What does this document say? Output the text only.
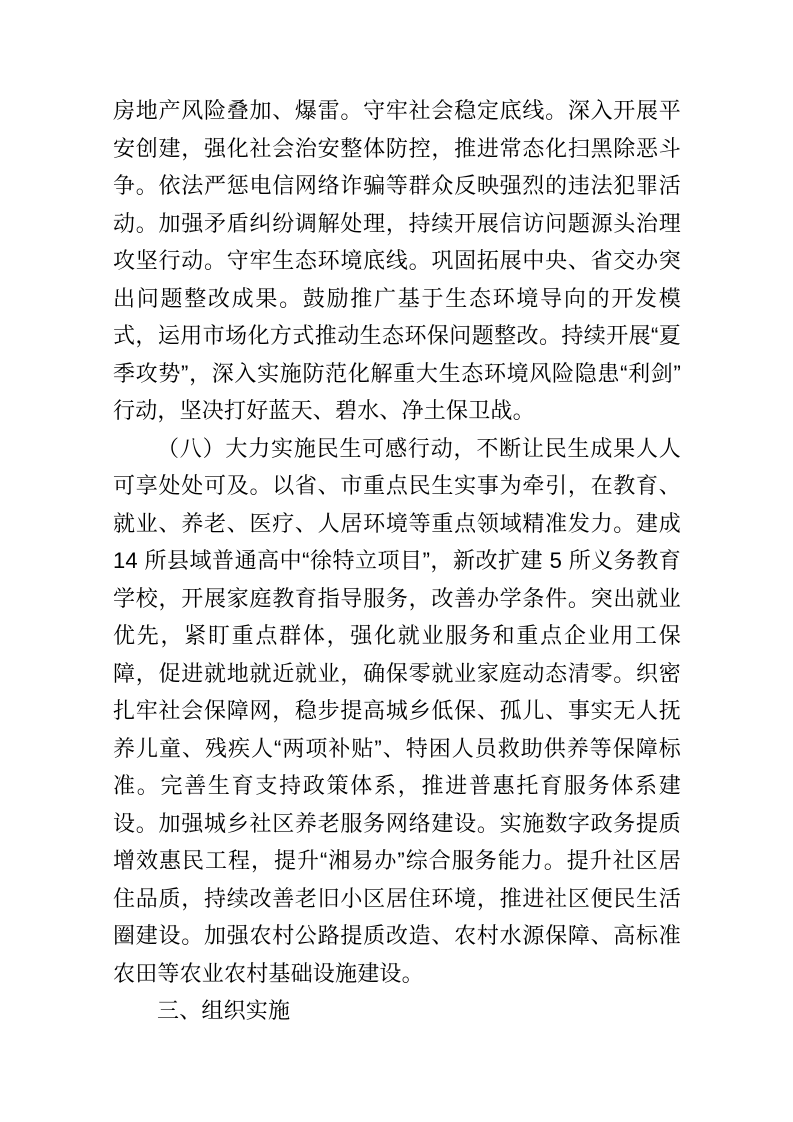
房地产风险叠加、爆雷。守牢社会稳定底线。深入开展平安创建，强化社会治安整体防控，推进常态化扫黑除恶斗争。依法严惩电信网络诈骗等群众反映强烈的违法犯罪活动。加强矛盾纠纷调解处理，持续开展信访问题源头治理攻坚行动。守牢生态环境底线。巩固拓展中央、省交办突出问题整改成果。鼓励推广基于生态环境导向的开发模式，运用市场化方式推动生态环保问题整改。持续开展“夏季攻势”，深入实施防范化解重大生态环境风险隐患“利剑”行动，坚决打好蓝天、碧水、净土保卫战。

（八）大力实施民生可感行动，不断让民生成果人人可享处处可及。以省、市重点民生实事为牵引，在教育、就业、养老、医疗、人居环境等重点领域精准发力。建成 14 所县域普通高中“徐特立项目”，新改扩建 5 所义务教育学校，开展家庭教育指导服务，改善办学条件。突出就业优先，紧盯重点群体，强化就业服务和重点企业用工保障，促进就地就近就业，确保零就业家庭动态清零。织密扎牢社会保障网，稳步提高城乡低保、孤儿、事实无人抚养儿童、残疾人“两项补贴”、特困人员救助供养等保障标准。完善生育支持政策体系，推进普惠托育服务体系建设。加强城乡社区养老服务网络建设。实施数字政务提质增效惠民工程，提升“湘易办”综合服务能力。提升社区居住品质，持续改善老旧小区居住环境，推进社区便民生活圈建设。加强农村公路提质改造、农村水源保障、高标准农田等农业农村基础设施建设。

三、组织实施
